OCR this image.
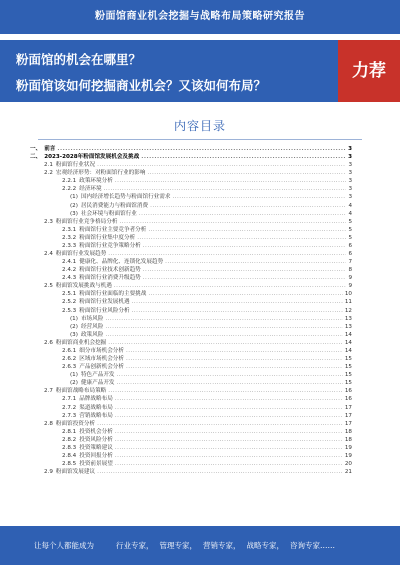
粉面馆商业机会挖掘与战略布局策略研究报告
粉面馆的机会在哪里？
粉面馆该如何挖掘商业机会？又该如何布局？
力荐
内容目录
一、 前言 .....	3
二、 2023-2028年粉面馆发展机会及挑战 .....	3
2.1 粉面馆行业状况 .....	3
2.2 宏观经济形势：对粉面馆行业的影响 .....	3
2.2.1 政策环境分析 .....	3
2.2.2 经济环境 .....	3
(1) 国内经济增长趋势与粉面馆行业需求 .....	3
(2) 居民消费能力与粉面馆消费 .....	4
(3) 社会环境与粉面馆行业 .....	4
2.3 粉面馆行业竞争格局分析 .....	5
2.3.1 粉面馆行业主要竞争者分析 .....	5
2.3.2 粉面馆行业集中度分析 .....	5
2.3.3 粉面馆行业竞争策略分析 .....	6
2.4 粉面馆行业发展趋势 .....	6
2.4.1 健康化、品牌化、连锁化发展趋势 .....	7
2.4.2 粉面馆行业技术创新趋势 .....	8
2.4.3 粉面馆行业消费升级趋势 .....	9
2.5 粉面馆发展挑战与机遇 .....	9
2.5.1 粉面馆行业面临的主要挑战 .....	10
2.5.2 粉面馆行业发展机遇 .....	11
2.5.3 粉面馆行业风险分析 .....	12
(1) 市场风险 .....	13
(2) 经营风险 .....	13
(3) 政策风险 .....	14
2.6 粉面馆商业机会挖掘 .....	14
2.6.1 细分市场机会分析 .....	14
2.6.2 区域市场机会分析 .....	15
2.6.3 产品创新机会分析 .....	15
(1) 特色产品开发 .....	15
(2) 健康产品开发 .....	15
2.7 粉面馆战略布局策略 .....	16
2.7.1 品牌战略布局 .....	16
2.7.2 渠道战略布局 .....	17
2.7.3 营销战略布局 .....	17
2.8 粉面馆投资分析 .....	17
2.8.1 投资机会分析 .....	18
2.8.2 投资风险分析 .....	18
2.8.3 投资策略建议 .....	19
2.8.4 投资回报分析 .....	19
2.8.5 投资前景展望 .....	20
2.9 粉面馆发展建议 .....	21
让每个人都能成为	行业专家， 管理专家， 营销专家， 战略专家， 咨询专家……
